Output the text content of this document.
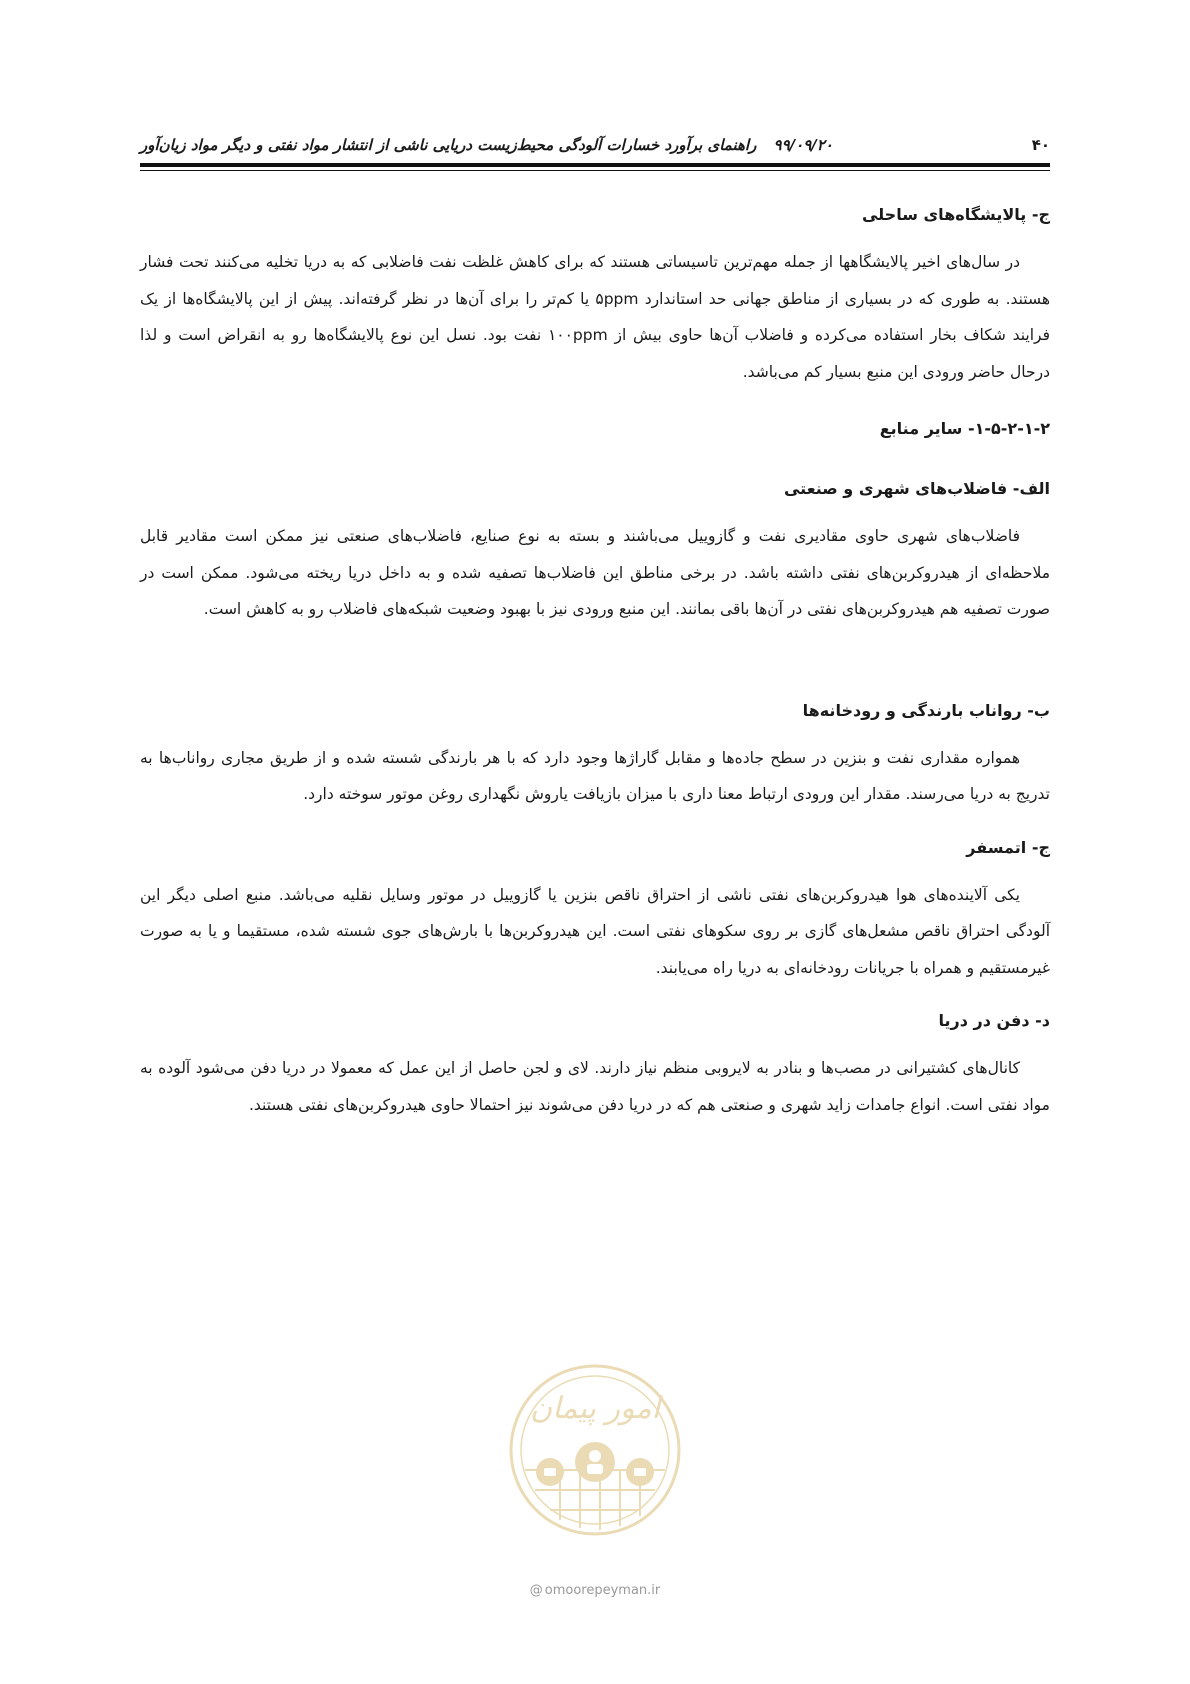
۴۰
۹۹/۰۹/۲۰ راهنمای برآورد خسارات آلودگی محیط‌زیست دریایی ناشی از انتشار مواد نفتی و دیگر مواد زیان‌آور
ج- پالایشگاه‌های ساحلی

در سال‌های اخیر پالایشگاهها از جمله مهم‌ترین تاسیساتی هستند که برای کاهش غلظت نفت فاضلابی که به دریا تخلیه می‌کنند تحت فشار هستند. به طوری که در بسیاری از مناطق جهانی حد استاندارد ۵ppm یا کم‌تر را برای آن‌ها در نظر گرفته‌اند. پیش از این پالایشگاه‌ها از یک فرایند شکاف بخار استفاده می‌کرده و فاضلاب آن‌ها حاوی بیش از ۱۰۰ppm نفت بود. نسل این نوع پالایشگاه‌ها رو به انقراض است و لذا درحال حاضر ورودی این منبع بسیار کم می‌باشد.

۱-۵-۲-۱-۲- سایر منابع
الف- فاضلاب‌های شهری و صنعتی

فاضلاب‌های شهری حاوی مقادیری نفت و گازوییل می‌باشند و بسته به نوع صنایع، فاضلاب‌های صنعتی نیز ممکن است مقادیر قابل ملاحظه‌ای از هیدروکربن‌های نفتی داشته باشد. در برخی مناطق این فاضلاب‌ها تصفیه شده و به داخل دریا ریخته می‌شود. ممکن است در صورت تصفیه هم هیدروکربن‌های نفتی در آن‌ها باقی بمانند. این منبع ورودی نیز با بهبود وضعیت شبکه‌های فاضلاب رو به کاهش است.

ب- رواناب بارندگی و رودخانه‌ها

همواره مقداری نفت و بنزین در سطح جاده‌ها و مقابل گاراژها وجود دارد که با هر بارندگی شسته شده و از طریق مجاری رواناب‌ها به تدریج به دریا می‌رسند. مقدار این ورودی ارتباط معنا داری با میزان بازیافت یاروش نگهداری روغن موتور سوخته دارد.

ج- اتمسفر

یکی آلاینده‌های هوا هیدروکربن‌های نفتی ناشی از احتراق ناقص بنزین یا گازوییل در موتور وسایل نقلیه می‌باشد. منبع اصلی دیگر این آلودگی احتراق ناقص مشعل‌های گازی بر روی سکوهای نفتی است. این هیدروکربن‌ها با بارش‌های جوی شسته شده، مستقیما و یا به صورت غیرمستقیم و همراه با جریانات رودخانه‌ای به دریا راه می‌یابند.

د- دفن در دریا

کانال‌های کشتیرانی در مصب‌ها و بنادر به لایروبی منظم نیاز دارند. لای و لجن حاصل از این عمل که معمولا در دریا دفن می‌شود آلوده به مواد نفتی است. انواع جامدات زاید شهری و صنعتی هم که در دریا دفن می‌شوند نیز احتمالا حاوی هیدروکربن‌های نفتی هستند.

امور پیمان
@ omoorepeyman.ir
